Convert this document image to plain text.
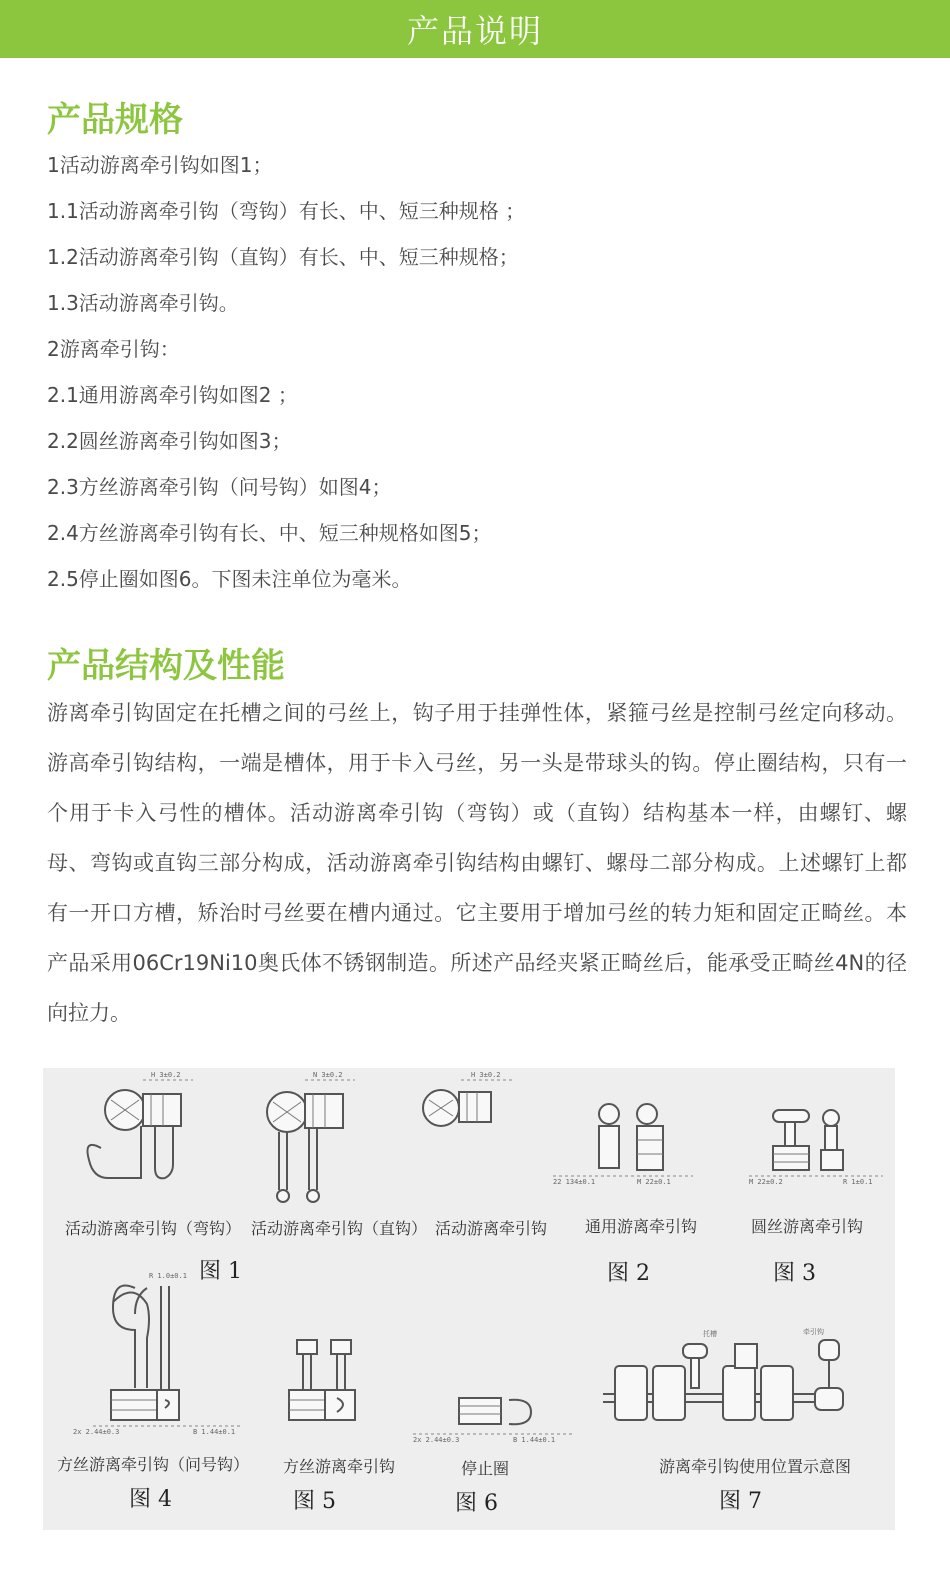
产品说明
产品规格
1活动游离牵引钩如图1；
1.1活动游离牵引钩（弯钩）有长、中、短三种规格 ；
1.2活动游离牵引钩（直钩）有长、中、短三种规格；
1.3活动游离牵引钩。
2游离牵引钩：
2.1通用游离牵引钩如图2 ；
2.2圆丝游离牵引钩如图3；
2.3方丝游离牵引钩（问号钩）如图4；
2.4方丝游离牵引钩有长、中、短三种规格如图5；
2.5停止圈如图6。下图未注单位为毫米。
产品结构及性能

游离牵引钩固定在托槽之间的弓丝上，钩子用于挂弹性体，紧箍弓丝是控制弓丝定向移动。游高牵引钩结构，一端是槽体，用于卡入弓丝，另一头是带球头的钩。停止圈结构，只有一个用于卡入弓性的槽体。活动游离牵引钩（弯钩）或（直钩）结构基本一样，由螺钉、螺母、弯钩或直钩三部分构成，活动游离牵引钩结构由螺钉、螺母二部分构成。上述螺钉上都有一开口方槽，矫治时弓丝要在槽内通过。它主要用于增加弓丝的转力矩和固定正畸丝。本产品采用06Cr19Ni10奥氏体不锈钢制造。所述产品经夹紧正畸丝后，能承受正畸丝4N的径向拉力。

H 3±0.2	N 3±0.2	H 3±0.2
22 134±0.1	M 22±0.1	M 22±0.2	R 1±0.1
2x 2.44±0.3	B 1.44±0.1
R 1.0±0.1
2x 2.44±0.3	B 1.44±0.1
托槽	牵引钩
活动游离牵引钩（弯钩） 活动游离牵引钩（直钩） 活动游离牵引钩 通用游离牵引钩	圆丝游离牵引钩
图 1	图 2	图 3
方丝游离牵引钩（问号钩） 方丝游离牵引钩	停止圈	游离牵引钩使用位置示意图
图 4	图 5	图 6	图 7
